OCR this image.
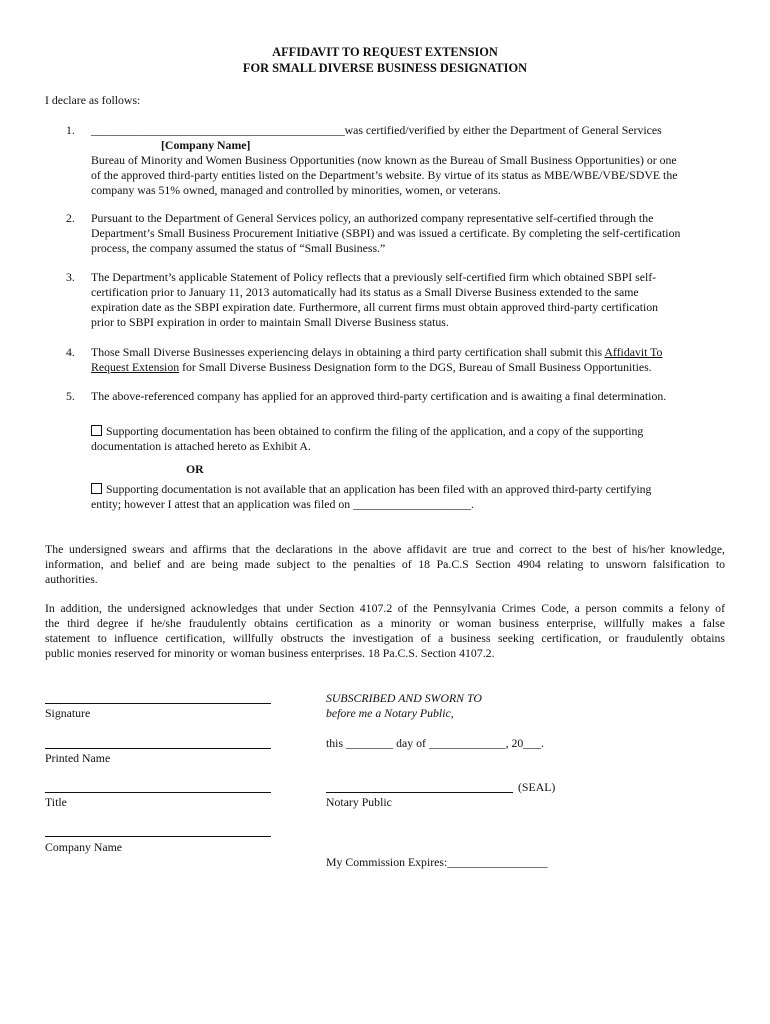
AFFIDAVIT TO REQUEST EXTENSION
FOR SMALL DIVERSE BUSINESS DESIGNATION
I declare as follows:
1. ___________________________________________was certified/verified by either the Department of General Services
[Company Name]
Bureau of Minority and Women Business Opportunities (now known as the Bureau of Small Business Opportunities) or one
of the approved third-party entities listed on the Department’s website. By virtue of its status as MBE/WBE/VBE/SDVE the
company was 51% owned, managed and controlled by minorities, women, or veterans.
2. Pursuant to the Department of General Services policy, an authorized company representative self-certified through the
Department’s Small Business Procurement Initiative (SBPI) and was issued a certificate. By completing the self-certification
process, the company assumed the status of “Small Business.”
3. The Department’s applicable Statement of Policy reflects that a previously self-certified firm which obtained SBPI self-
certification prior to January 11, 2013 automatically had its status as a Small Diverse Business extended to the same
expiration date as the SBPI expiration date. Furthermore, all current firms must obtain approved third-party certification
prior to SBPI expiration in order to maintain Small Diverse Business status.
4. Those Small Diverse Businesses experiencing delays in obtaining a third party certification shall submit this Affidavit To
Request Extension for Small Diverse Business Designation form to the DGS, Bureau of Small Business Opportunities.
5. The above-referenced company has applied for an approved third-party certification and is awaiting a final determination.
Supporting documentation has been obtained to confirm the filing of the application, and a copy of the supporting
documentation is attached hereto as Exhibit A.
OR
Supporting documentation is not available that an application has been filed with an approved third-party certifying
entity; however I attest that an application was filed on ____________________.
The undersigned swears and affirms that the declarations in the above affidavit are true and correct to the best of his/her knowledge,
information, and belief and are being made subject to the penalties of 18 Pa.C.S Section 4904 relating to unsworn falsification to
authorities.
In addition, the undersigned acknowledges that under Section 4107.2 of the Pennsylvania Crimes Code, a person commits a felony of
the third degree if he/she fraudulently obtains certification as a minority or woman business enterprise, willfully makes a false
statement to influence certification, willfully obstructs the investigation of a business seeking certification, or fraudulently obtains
public monies reserved for minority or woman business enterprises. 18 Pa.C.S. Section 4107.2.
Signature
Printed Name
Title
Company Name
SUBSCRIBED AND SWORN TO
before me a Notary Public,
this ________ day of _____________, 20___.
(SEAL)
Notary Public
My Commission Expires:_________________
